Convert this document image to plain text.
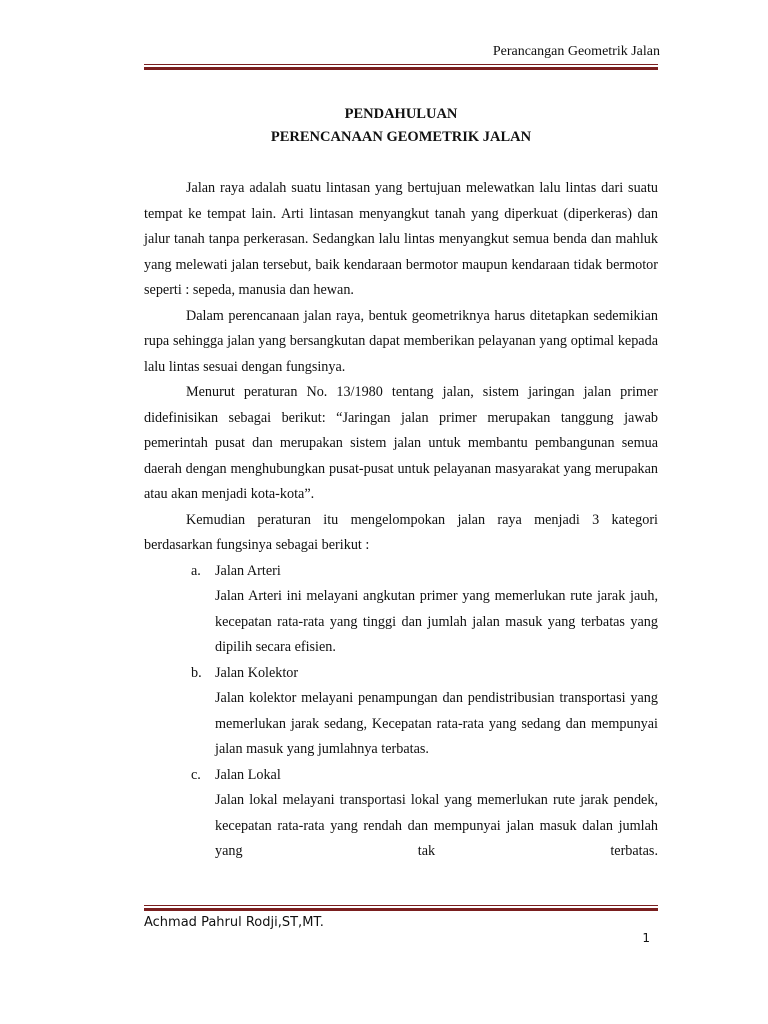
Perancangan Geometrik Jalan
PENDAHULUAN
PERENCANAAN GEOMETRIK JALAN

Jalan raya adalah suatu lintasan yang bertujuan melewatkan lalu lintas dari suatu tempat ke tempat lain. Arti lintasan menyangkut tanah yang diperkuat (diperkeras) dan jalur tanah tanpa perkerasan. Sedangkan lalu lintas menyangkut semua benda dan mahluk yang melewati jalan tersebut, baik kendaraan bermotor maupun kendaraan tidak bermotor seperti : sepeda, manusia dan hewan.

Dalam perencanaan jalan raya, bentuk geometriknya harus ditetapkan sedemikian rupa sehingga jalan yang bersangkutan dapat memberikan pelayanan yang optimal kepada lalu lintas sesuai dengan fungsinya.

Menurut peraturan No. 13/1980 tentang jalan, sistem jaringan jalan primer didefinisikan sebagai berikut: “Jaringan jalan primer merupakan tanggung jawab pemerintah pusat dan merupakan sistem jalan untuk membantu pembangunan semua daerah dengan menghubungkan pusat-pusat untuk pelayanan masyarakat yang merupakan atau akan menjadi kota-kota”.

Kemudian peraturan itu mengelompokan jalan raya menjadi 3 kategori berdasarkan fungsinya sebagai berikut :

a. Jalan Arteri
Jalan Arteri ini melayani angkutan primer yang memerlukan rute jarak jauh, kecepatan rata-rata yang tinggi dan jumlah jalan masuk yang terbatas yang dipilih secara efisien.
b. Jalan Kolektor
Jalan kolektor melayani penampungan dan pendistribusian transportasi yang memerlukan jarak sedang, Kecepatan rata-rata yang sedang dan mempunyai jalan masuk yang jumlahnya terbatas.
c. Jalan Lokal
Jalan lokal melayani transportasi lokal yang memerlukan rute jarak pendek, kecepatan rata-rata yang rendah dan mempunyai jalan masuk dalan jumlah yang tak terbatas.
Achmad Pahrul Rodji,ST,MT.
1
